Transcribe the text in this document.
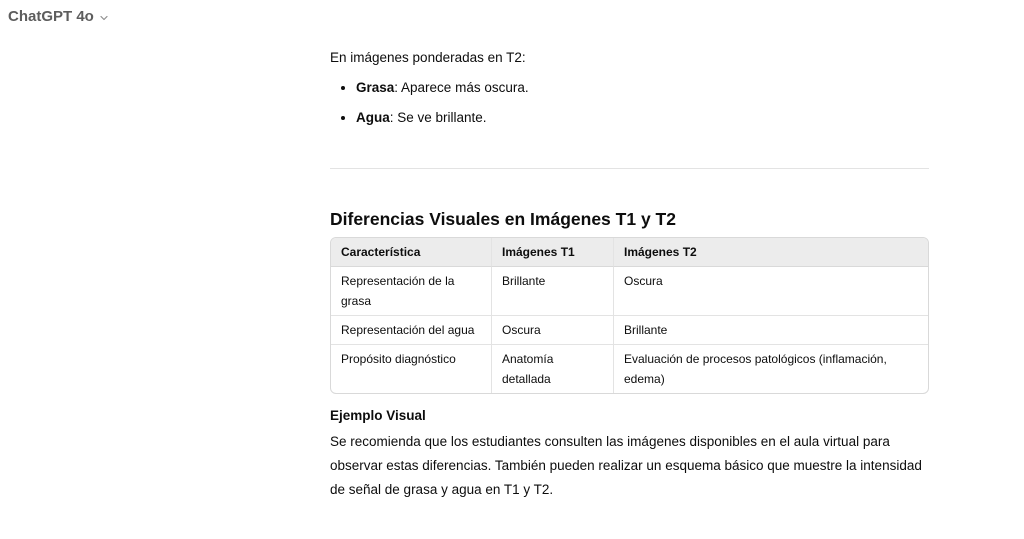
ChatGPT 4o

En imágenes ponderadas en T2:

• Grasa: Aparece más oscura.
• Agua: Se ve brillante.
Diferencias Visuales en Imágenes T1 y T2
Característica	Imágenes T1	Imágenes T2
Representación de la grasa	Brillante	Oscura
Representación del agua	Oscura	Brillante
Propósito diagnóstico	Anatomía detallada	Evaluación de procesos patológicos (inflamación, edema)
Ejemplo Visual

Se recomienda que los estudiantes consulten las imágenes disponibles en el aula virtual para observar estas diferencias. También pueden realizar un esquema básico que muestre la intensidad de señal de grasa y agua en T1 y T2.
